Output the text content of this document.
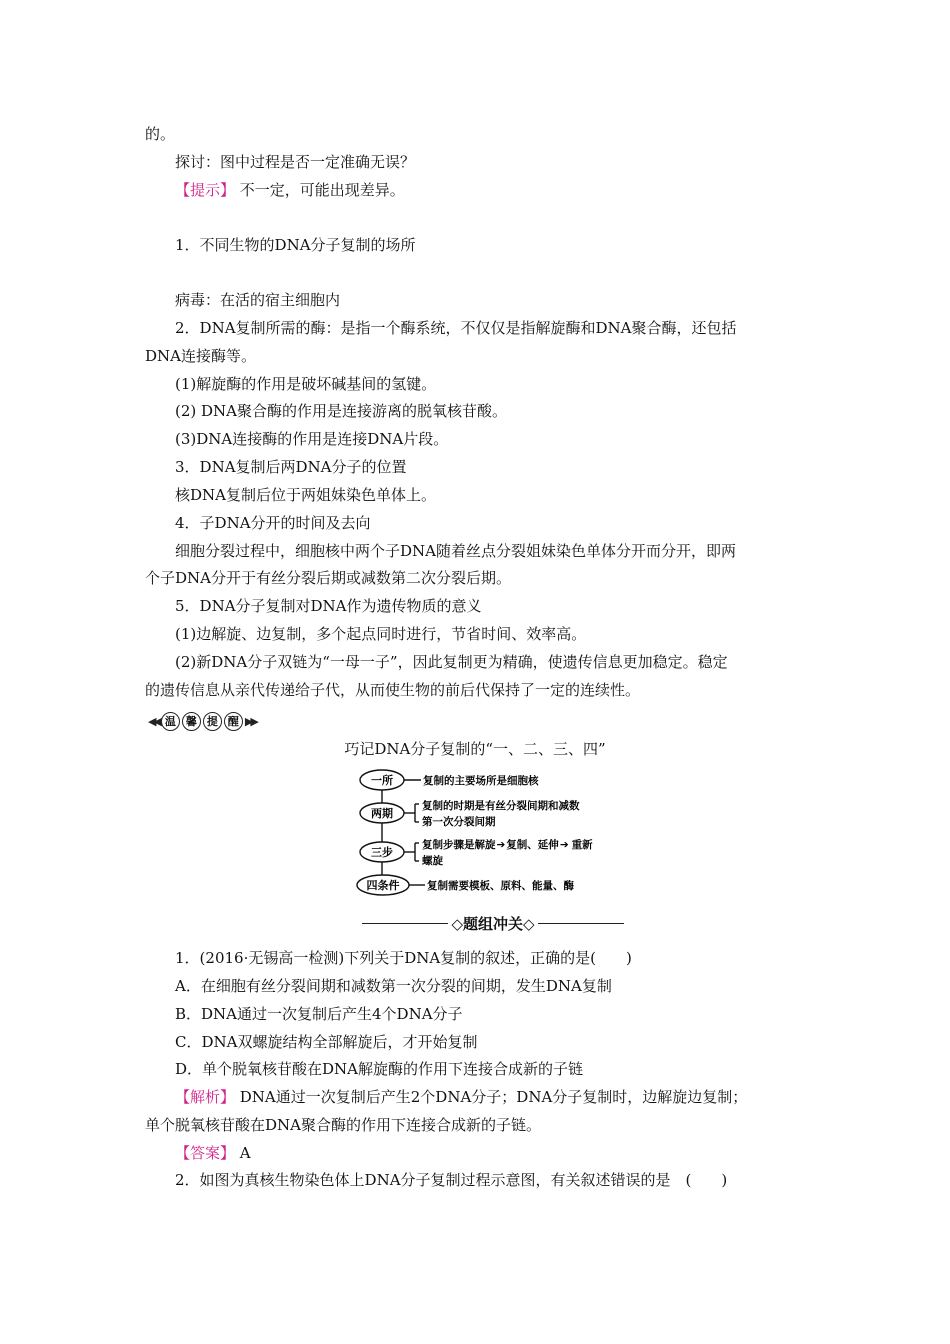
的。
探讨：图中过程是否一定准确无误？
【提示】 不一定，可能出现差异。
1．不同生物的DNA分子复制的场所
病毒：在活的宿主细胞内
2．DNA复制所需的酶：是指一个酶系统，不仅仅是指解旋酶和DNA聚合酶，还包括
DNA连接酶等。
(1)解旋酶的作用是破坏碱基间的氢键。
(2) DNA聚合酶的作用是连接游离的脱氧核苷酸。
(3)DNA连接酶的作用是连接DNA片段。
3．DNA复制后两DNA分子的位置
核DNA复制后位于两姐妹染色单体上。
4．子DNA分开的时间及去向
细胞分裂过程中，细胞核中两个子DNA随着丝点分裂姐妹染色单体分开而分开，即两
个子DNA分开于有丝分裂后期或减数第二次分裂后期。
5．DNA分子复制对DNA作为遗传物质的意义
(1)边解旋、边复制，多个起点同时进行，节省时间、效率高。
(2)新DNA分子双链为“一母一子”，因此复制更为精确，使遗传信息更加稳定。稳定
的遗传信息从亲代传递给子代，从而使生物的前后代保持了一定的连续性。
◀◀ 温 馨 提 醒 ▶▶
巧记DNA分子复制的“一、二、三、四”
一所
两期
三步
四条件
复制的主要场所是细胞核
复制的时期是有丝分裂间期和减数
第一次分裂间期
复制步骤是解旋➔复制、延伸➔ 重新
螺旋
复制需要模板、原料、能量、酶
◇题组冲关◇
1．(2016·无锡高一检测)下列关于DNA复制的叙述，正确的是(　　)
A．在细胞有丝分裂间期和减数第一次分裂的间期，发生DNA复制
B．DNA通过一次复制后产生4个DNA分子
C．DNA双螺旋结构全部解旋后，才开始复制
D．单个脱氧核苷酸在DNA解旋酶的作用下连接合成新的子链
【解析】 DNA通过一次复制后产生2个DNA分子；DNA分子复制时，边解旋边复制；
单个脱氧核苷酸在DNA聚合酶的作用下连接合成新的子链。
【答案】 A
2．如图为真核生物染色体上DNA分子复制过程示意图，有关叙述错误的是　(　　)
